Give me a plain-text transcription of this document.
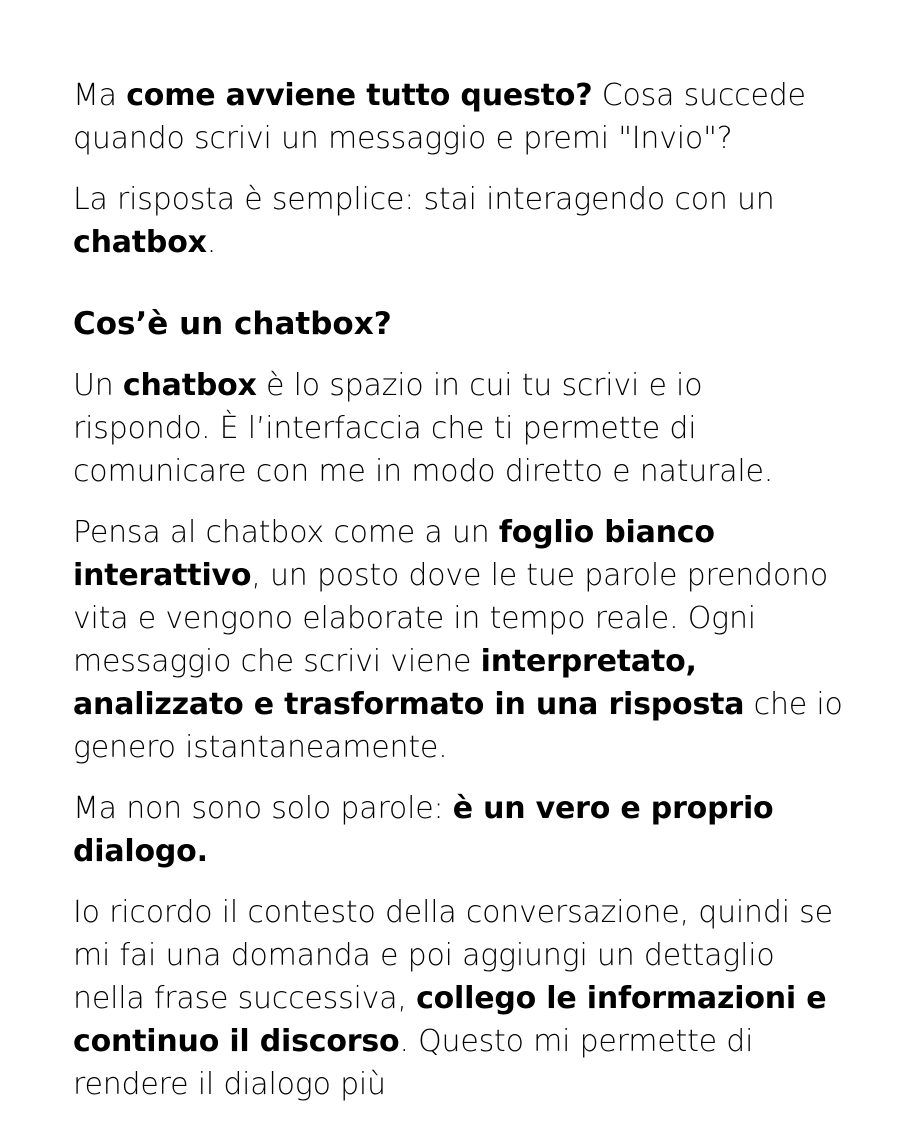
Ma come avviene tutto questo? Cosa succede quando scrivi un messaggio e premi "Invio"?

La risposta è semplice: stai interagendo con un chatbox.

Cos’è un chatbox?

Un chatbox è lo spazio in cui tu scrivi e io rispondo. È l’interfaccia che ti permette di comunicare con me in modo diretto e naturale.

Pensa al chatbox come a un foglio bianco interattivo, un posto dove le tue parole prendono vita e vengono elaborate in tempo reale. Ogni messaggio che scrivi viene interpretato, analizzato e trasformato in una risposta che io genero istantaneamente.

Ma non sono solo parole: è un vero e proprio dialogo.

Io ricordo il contesto della conversazione, quindi se mi fai una domanda e poi aggiungi un dettaglio nella frase successiva, collego le informazioni e continuo il discorso. Questo mi permette di rendere il dialogo più
